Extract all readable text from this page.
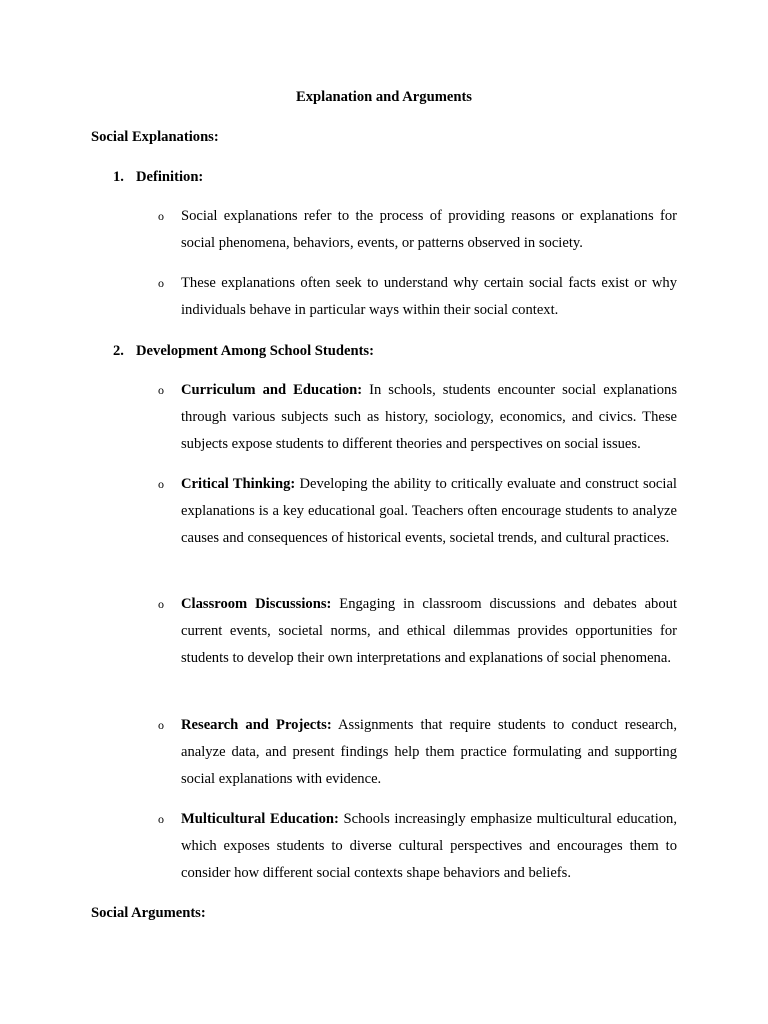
Explanation and Arguments
Social Explanations:
1. Definition:
o Social explanations refer to the process of providing reasons or explanations for social phenomena, behaviors, events, or patterns observed in society.
o These explanations often seek to understand why certain social facts exist or why individuals behave in particular ways within their social context.
2. Development Among School Students:
o Curriculum and Education: In schools, students encounter social explanations through various subjects such as history, sociology, economics, and civics. These subjects expose students to different theories and perspectives on social issues.
o Critical Thinking: Developing the ability to critically evaluate and construct social explanations is a key educational goal. Teachers often encourage students to analyze causes and consequences of historical events, societal trends, and cultural practices.
o Classroom Discussions: Engaging in classroom discussions and debates about current events, societal norms, and ethical dilemmas provides opportunities for students to develop their own interpretations and explanations of social phenomena.
o Research and Projects: Assignments that require students to conduct research, analyze data, and present findings help them practice formulating and supporting social explanations with evidence.
o Multicultural Education: Schools increasingly emphasize multicultural education, which exposes students to diverse cultural perspectives and encourages them to consider how different social contexts shape behaviors and beliefs.
Social Arguments:
